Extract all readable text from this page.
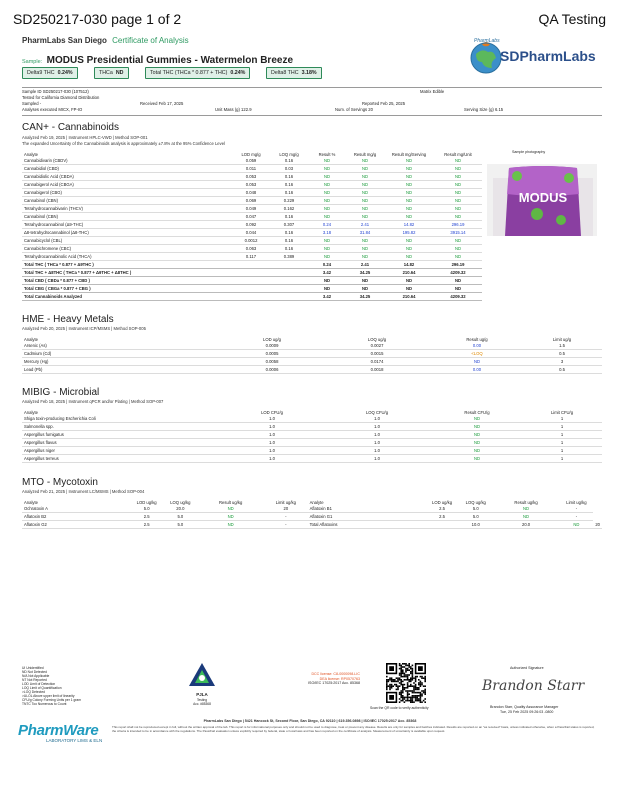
SD250217-030 page 1 of 2	QA Testing
PharmLabs San Diego Certificate of Analysis
Sample: MODUS Presidential Gummies - Watermelon Breeze
PharmLabs
SDPharmLabs
Delta9 THC 0.24%	THCa ND	Total THC (THCa * 0.877 + THC) 0.24%	Delta8 THC 3.18%
Sample ID SD250217-030 (107512)	Matrix Edible
Tested for California Diamond Distribution
Sampled -	Received Feb 17, 2025	Reported Feb 25, 2025
Analyses executed MICX, FP-IO	Unit Mass (g) 122.9	Num. of Servings 20	Serving Size (g) 6.15
CAN+ - Cannabinoids
Analyzed Feb 19, 2025 | Instrument HPLC-VWD | Method SOP-001
The expanded Uncertainty of the Cannabinoids analysis is approximately ±7.8% at the 95% Confidence Level
Analyte	LOD mg/g	LOQ mg/g	Result %	Result mg/g	Result mg/Serving	Result mg/Unit
Cannabidivarin (CBDV)	0.059	0.16	ND	ND	ND	ND
Cannabidiol (CBD)	0.011	0.03	ND	ND	ND	ND
Cannabidiolic Acid (CBDA)	0.053	0.16	ND	ND	ND	ND
Cannabigerol Acid (CBGA)	0.053	0.16	ND	ND	ND	ND
Cannabigerol (CBG)	0.048	0.16	ND	ND	ND	ND
Cannabinol (CBN)	0.069	0.229	ND	ND	ND	ND
Tetrahydrocannabivarin (THCV)	0.049	0.162	ND	ND	ND	ND
Cannabinol (CBN)	0.047	0.16	ND	ND	ND	ND
Tetrahydrocannabinol (Δ9-THC)	0.092	0.307	0.24	2.41	14.82	296.19
Δ8-tetrahydrocannabinol (Δ8-THC)	0.044	0.16	3.18	31.84	195.82	3915.14
Cannabicyclol (CBL)	0.0012	0.16	ND	ND	ND	ND
Cannabichromene (CBC)	0.063	0.16	ND	ND	ND	ND
Tetrahydrocannabinolic Acid (THCA)	0.117	0.389	ND	ND	ND	ND
Total THC ( THCa * 0.877 + Δ9THC )			0.24	2.41	14.82	296.19
Total THC + Δ8THC ( THCa * 0.877 + Δ9THC + Δ8THC )			3.42	34.25	210.64	4209.32
Total CBD ( CBDa * 0.877 + CBD )			ND	ND	ND	ND
Total CBG ( CBGa * 0.877 + CBG )			ND	ND	ND	ND
Total Cannabinoids Analyzed			3.42	34.25	210.64	4209.32
Sample photography
MODUS
HME - Heavy Metals
Analyzed Feb 20, 2025 | Instrument ICP/MSMS | Method SOP-005
Analyte	LOD ug/g	LOQ ug/g	Result ug/g	Limit ug/g
Arsenic (As)	0.0009	0.0027	0.00	1.5
Cadmium (Cd)	0.0005	0.0015	<LOQ	0.5
Mercury (Hg)	0.0058	0.0174	ND	3
Lead (Pb)	0.0006	0.0018	0.00	0.5
MIBIG - Microbial
Analyzed Feb 18, 2025 | Instrument qPCR and/or Plating | Method SOP-007
Analyte	LOD CFU/g	LOQ CFU/g	Result CFU/g	Limit CFU/g
Shiga toxin-producing Escherichia Coli	1.0	1.0	ND	1
Salmonella spp.	1.0	1.0	ND	1
Aspergillus fumigatus	1.0	1.0	ND	1
Aspergillus flavus	1.0	1.0	ND	1
Aspergillus niger	1.0	1.0	ND	1
Aspergillus terreus	1.0	1.0	ND	1
MTO - Mycotoxin
Analyzed Feb 21, 2025 | Instrument LC/MSMS | Method SOP-004
Analyte	LOD ug/kg	LOQ ug/kg	Result ug/kg	Limit ug/kg	Analyte	LOD ug/kg	LOQ ug/kg	Result ug/kg	Limit ug/kg	
Ochratoxin A	5.0	20.0	ND	20	Aflatoxin B1	2.5	5.0	ND	-	
Aflatoxin B2	2.5	5.0	ND	-	Aflatoxin G1	2.5	5.0	ND	-	
Aflatoxin G2	2.5	5.0	ND	-	Total Aflatoxins		10.0	20.0	ND	20
UI Unidentified
ND Not Detected
N/A Not Applicable
NT Not Reported
LOD Limit of Detection
LOQ Limit of Quantification
>LOQ Detected
>ULOL Above upper limit of linearity
CFU/g Colony Forming Units per 1 gram
TNTC Too Numerous to Count
PharmWare
LABORATORY LIMS & ELN
PJLA
Testing
Acc. #85368
DCC license: C8-0000098-LIC
DEA license: RP0570763
ISO/IEC 17025:2017 Acc. 85368
Scan the QR code to verify authenticity
Authorized Signature
Brandon Starr
Brandon Starr, Quality Assurance Manager
Tue, 25 Feb 2025 09:26:03 -0800
PharmLabs San Diego | 5421 Hancock St, Second Floor, San Diego, CA 92110 | 619.356.0898 | ISO/IEC 17025:2017 Acc. 85368
This report shall not be reproduced except in full, without the written approval of the lab. This report is for informational purposes only and should not be used to diagnose, treat or prevent any disease. Results are only for samples and batches indicated. Results are reported on an "as received" basis, unless indicated otherwise, when a Pass/Fail status is reported, the criteria is intended to be in accordance with the regulations. The Pass/Fail evaluation unless explicitly required by federal, state or local laws and has been reported on the certificate of analysis. Measurement of uncertainty is available upon request.
